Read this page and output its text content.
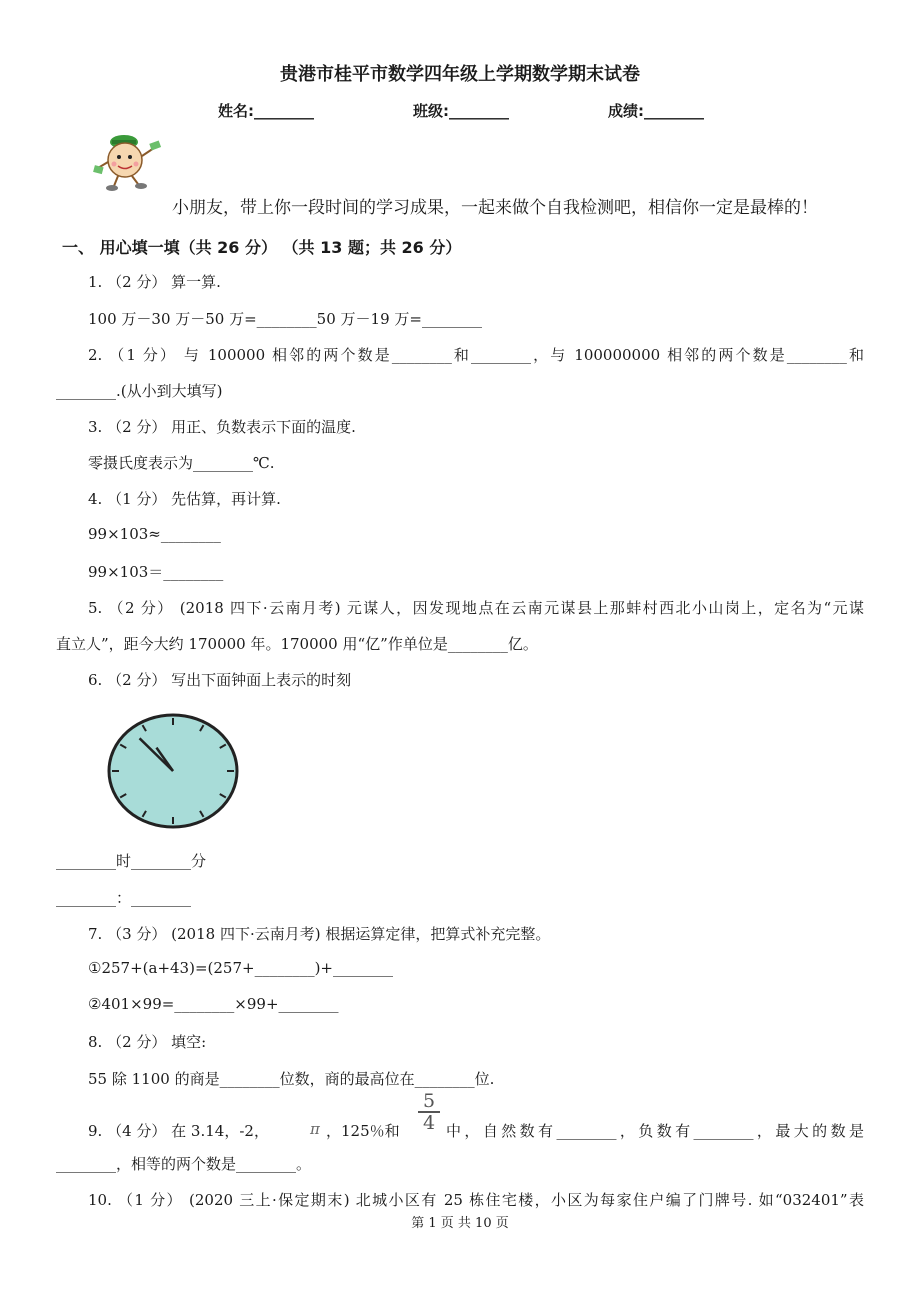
贵港市桂平市数学四年级上学期数学期末试卷
姓名:________	班级:________	成绩:________
小朋友，带上你一段时间的学习成果，一起来做个自我检测吧，相信你一定是最棒的！
一、 用心填一填（共 26 分） （共 13 题；共 26 分）
1. （2 分） 算一算.
100 万－30 万－50 万=________50 万－19 万=________
2. （1 分） 与 100000 相邻的两个数是________和________，与 100000000 相邻的两个数是________和
________.(从小到大填写)
3. （2 分） 用正、负数表示下面的温度.
零摄氏度表示为________℃.
4. （1 分） 先估算，再计算.
99×103≈________
99×103＝________
5. （2 分） (2018 四下·云南月考) 元谋人，因发现地点在云南元谋县上那蚌村西北小山岗上，定名为“元谋
直立人”，距今大约 170000 年。170000 用“亿”作单位是________亿。
6. （2 分） 写出下面钟面上表示的时刻
________时________分
________：________
7. （3 分） (2018 四下·云南月考) 根据运算定律，把算式补充完整。
①257+(a+43)=(257+________)+________
②401×99=________×99+________
8. （2 分） 填空:
55 除 1100 的商是________位数，商的最高位在________位.
9. （4 分） 在 3.14，-2，	π ，125％和
5
4 中，自然数有________，负数有________，最大的数是
________，相等的两个数是________。
10. （1 分） (2020 三上·保定期末) 北城小区有 25 栋住宅楼，小区为每家住户编了门牌号. 如“032401”表
第 1 页 共 10 页
